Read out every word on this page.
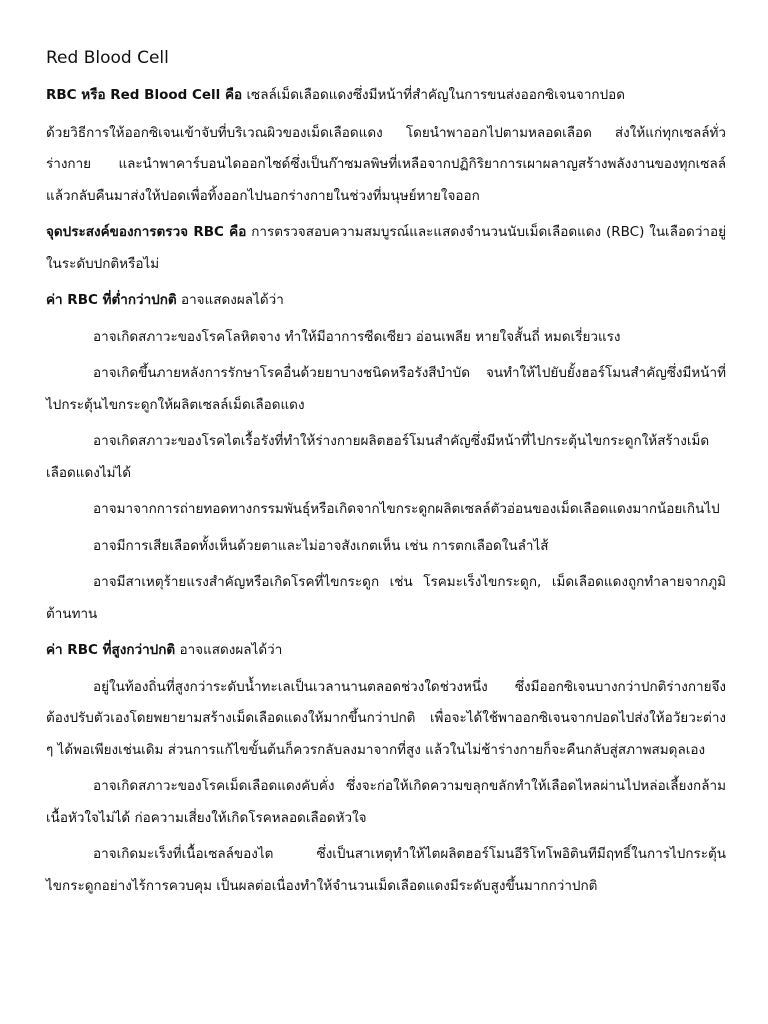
Red Blood Cell

RBC หรือ Red Blood Cell คือ เซลล์เม็ดเลือดแดงซึ่งมีหน้าที่สำคัญในการขนส่งออกซิเจนจากปอด

ด้วยวิธีการให้ออกซิเจนเข้าจับที่บริเวณผิวของเม็ดเลือดแดง โดยนำพาออกไปตามหลอดเลือด ส่งให้แก่ทุกเซลล์ทั่วร่างกาย และนำพาคาร์บอนไดออกไซด์ซึ่งเป็นก๊าซมลพิษที่เหลือจากปฏิกิริยาการเผาผลาญสร้างพลังงานของทุกเซลล์แล้วกลับคืนมาส่งให้ปอดเพื่อทิ้งออกไปนอกร่างกายในช่วงที่มนุษย์หายใจออก

จุดประสงค์ของการตรวจ RBC คือ การตรวจสอบความสมบูรณ์และแสดงจำนวนนับเม็ดเลือดแดง (RBC) ในเลือดว่าอยู่ในระดับปกติหรือไม่

ค่า RBC ที่ต่ำกว่าปกติ อาจแสดงผลได้ว่า

อาจเกิดสภาวะของโรคโลหิตจาง ทำให้มีอาการซีดเซียว อ่อนเพลีย หายใจสั้นถี่ หมดเรี่ยวแรง

อาจเกิดขึ้นภายหลังการรักษาโรคอื่นด้วยยาบางชนิดหรือรังสีบำบัด จนทำให้ไปยับยั้งฮอร์โมนสำคัญซึ่งมีหน้าที่ไปกระตุ้นไขกระดูกให้ผลิตเซลล์เม็ดเลือดแดง

อาจเกิดสภาวะของโรคไตเรื้อรังที่ทำให้ร่างกายผลิตฮอร์โมนสำคัญซึ่งมีหน้าที่ไปกระตุ้นไขกระดูกให้สร้างเม็ดเลือดแดงไม่ได้

อาจมาจากการถ่ายทอดทางกรรมพันธุ์หรือเกิดจากไขกระดูกผลิตเซลล์ตัวอ่อนของเม็ดเลือดแดงมากน้อยเกินไป

อาจมีการเสียเลือดทั้งเห็นด้วยตาและไม่อาจสังเกตเห็น เช่น การตกเลือดในลำไส้

อาจมีสาเหตุร้ายแรงสำคัญหรือเกิดโรคที่ไขกระดูก เช่น โรคมะเร็งไขกระดูก, เม็ดเลือดแดงถูกทำลายจากภูมิต้านทาน

ค่า RBC ที่สูงกว่าปกติ อาจแสดงผลได้ว่า

อยู่ในท้องถิ่นที่สูงกว่าระดับน้ำทะเลเป็นเวลานานตลอดช่วงใดช่วงหนึ่ง ซึ่งมีออกซิเจนบางกว่าปกติร่างกายจึงต้องปรับตัวเองโดยพยายามสร้างเม็ดเลือดแดงให้มากขึ้นกว่าปกติ เพื่อจะได้ใช้พาออกซิเจนจากปอดไปส่งให้อวัยวะต่าง ๆ ได้พอเพียงเช่นเดิม ส่วนการแก้ไขขั้นต้นก็ควรกลับลงมาจากที่สูง แล้วในไม่ช้าร่างกายก็จะคืนกลับสู่สภาพสมดุลเอง

อาจเกิดสภาวะของโรคเม็ดเลือดแดงคับคั่ง ซึ่งจะก่อให้เกิดความขลุกขลักทำให้เลือดไหลผ่านไปหล่อเลี้ยงกล้ามเนื้อหัวใจไม่ได้ ก่อความเสี่ยงให้เกิดโรคหลอดเลือดหัวใจ

อาจเกิดมะเร็งที่เนื้อเซลล์ของไต ซึ่งเป็นสาเหตุทำให้ไตผลิตฮอร์โมนอีริโทโพอิตินทีมีฤทธิ์ในการไปกระตุ้นไขกระดูกอย่างไร้การควบคุม เป็นผลต่อเนื่องทำให้จำนวนเม็ดเลือดแดงมีระดับสูงขึ้นมากกว่าปกติ
